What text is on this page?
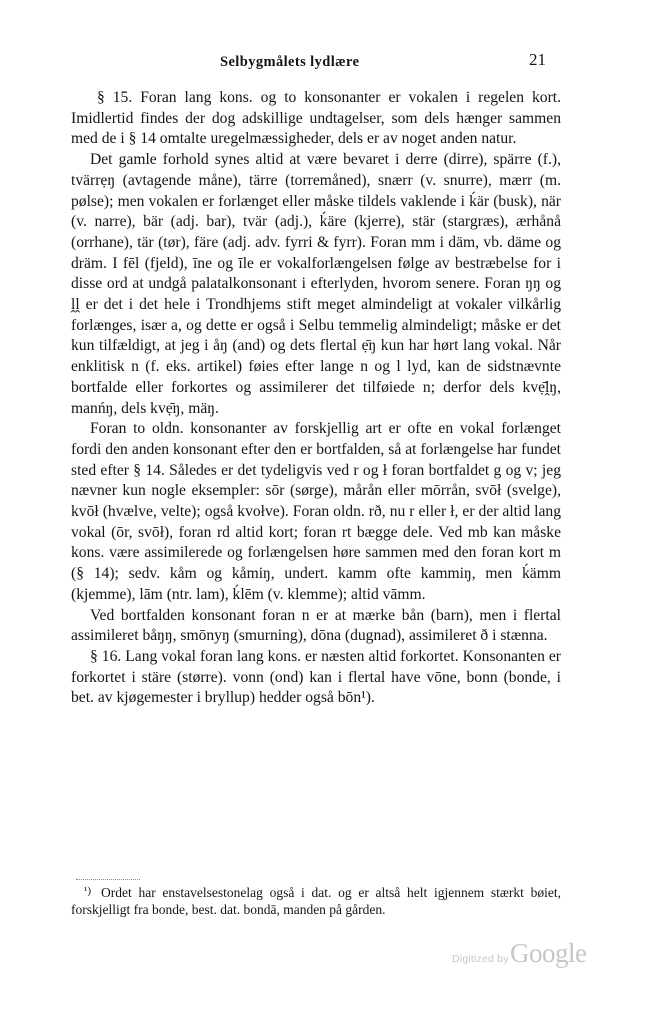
Selbygmålets lydlære	21

§ 15. Foran lang kons. og to konsonanter er vokalen i regelen kort. Imidlertid findes der dog adskillige undtagelser, som dels hænger sammen med de i § 14 omtalte uregelmæssigheder, dels er av noget anden natur.

Det gamle forhold synes altid at være bevaret i derre (dirre), spärre (f.), tvärrẹŋ (avtagende måne), tärre (torremåned), snærr (v. snurre), mærr (m. pølse); men vokalen er forlænget eller måske tildels vaklende i ḱär (busk), när (v. narre), bär (adj. bar), tvär (adj.), ḱäre (kjerre), stär (stargræs), ærhånå (orrhane), tär (tør), färe (adj. adv. fyrri & fyrr). Foran mm i däm, vb. däme og dräm. I fēl (fjeld), īne og īle er vokalforlængelsen følge av bestræbelse for i disse ord at undgå palatalkonsonant i efterlyden, hvorom senere. Foran ŋŋ og ḽḽ er det i det hele i Trondhjems stift meget almindeligt at vokaler vilkårlig forlænges, især a, og dette er også i Selbu temmelig almindeligt; måske er det kun tilfældigt, at jeg i åŋ (and) og dets flertal ẹ̄ŋ kun har hørt lang vokal. Når enklitisk n (f. eks. artikel) føies efter lange n og l lyd, kan de sidstnævnte bortfalde eller forkortes og assimilerer det tilføiede n; derfor dels kvẹ̄ḽŋ, manńŋ, dels kvẹ̄ŋ, mäŋ.

Foran to oldn. konsonanter av forskjellig art er ofte en vokal forlænget fordi den anden konsonant efter den er bortfalden, så at forlængelse har fundet sted efter § 14. Således er det tydeligvis ved r og ł foran bortfaldet g og v; jeg nævner kun nogle eksempler: sōr (sørge), mårån eller mōrrån, svōł (svelge), kvōł (hvælve, velte); også kvołve). Foran oldn. rð, nu r eller ł, er der altid lang vokal (ōr, svōł), foran rd altid kort; foran rt bægge dele. Ved mb kan måske kons. være assimilerede og forlængelsen høre sammen med den foran kort m (§ 14); sedv. kåm og kåmiŋ, undert. kamm ofte kammiŋ, men ḱämm (kjemme), lām (ntr. lam), ḱlēm (v. klemme); altid vāmm.

Ved bortfalden konsonant foran n er at mærke bån (barn), men i flertal assimileret båŋŋ, smōnyŋ (smurning), dōna (dugnad), assimileret ð i stænna.

§ 16. Lang vokal foran lang kons. er næsten altid forkortet. Konsonanten er forkortet i stäre (større). vonn (ond) kan i flertal have vōne, bonn (bonde, i bet. av kjøgemester i bryllup) hedder også bōn¹).

¹) Ordet har enstavelsestonelag også i dat. og er altså helt igjennem stærkt bøiet, forskjelligt fra bonde, best. dat. bondā, manden på gården.

Digitized by Google
